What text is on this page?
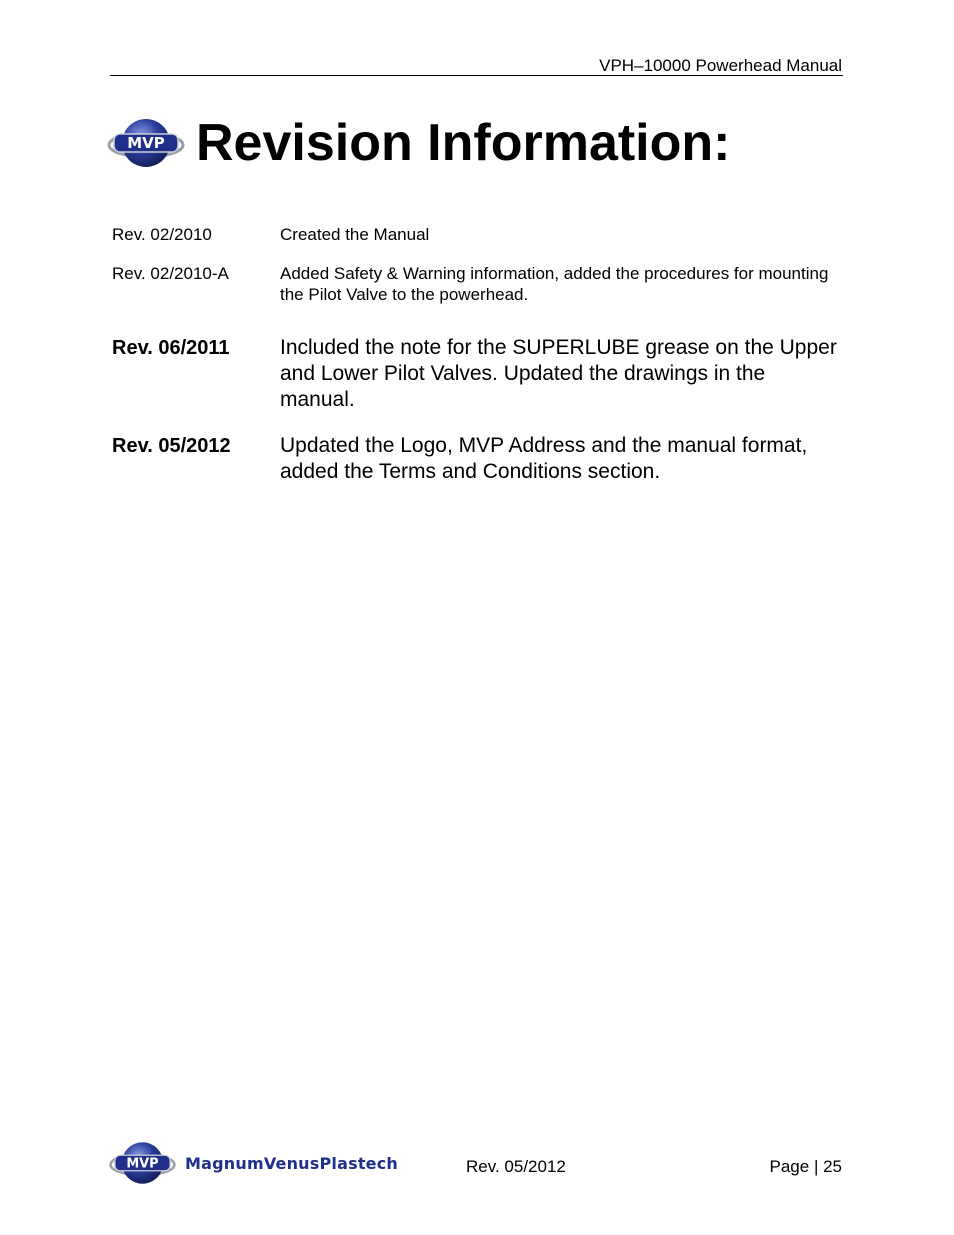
VPH–10000 Powerhead Manual
MVP Revision Information:
Rev. 02/2010	Created the Manual
Rev. 02/2010-A	Added Safety & Warning information, added the procedures for mounting the Pilot Valve to the powerhead.
Rev. 06/2011	Included the note for the SUPERLUBE grease on the Upper and Lower Pilot Valves. Updated the drawings in the manual.
Rev. 05/2012	Updated the Logo, MVP Address and the manual format, added the Terms and Conditions section.
MVP MagnumVenusPlastech	Rev. 05/2012	Page | 25
